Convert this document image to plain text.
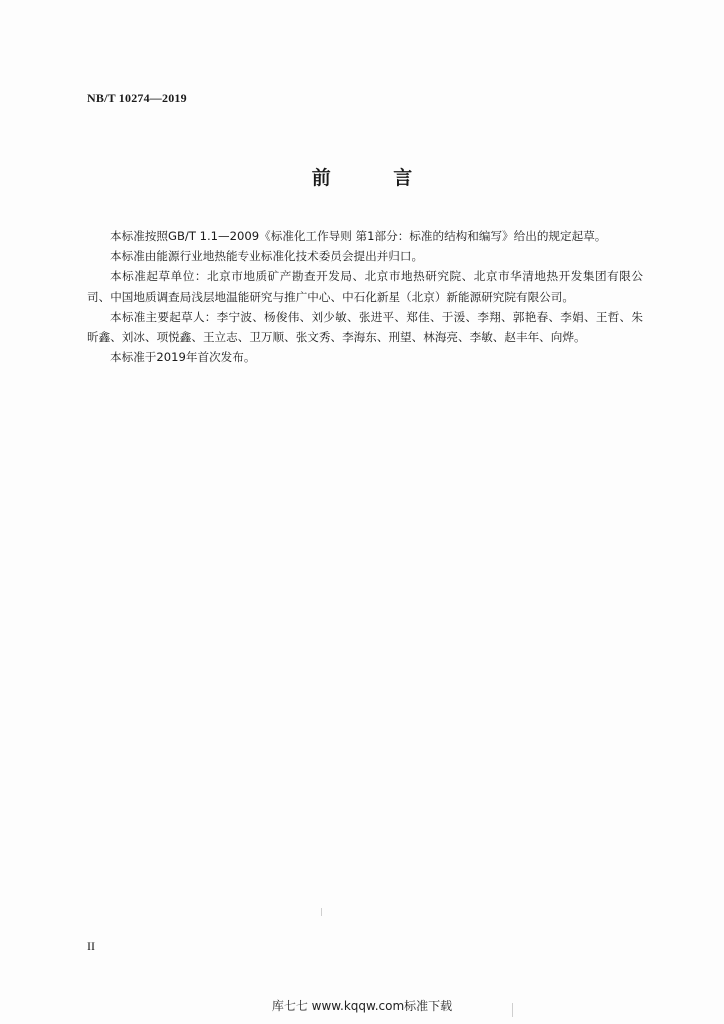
NB/T 10274—2019
前 言

本标准按照GB/T 1.1—2009《标准化工作导则 第1部分：标准的结构和编写》给出的规定起草。

本标准由能源行业地热能专业标准化技术委员会提出并归口。

本标准起草单位：北京市地质矿产勘查开发局、北京市地热研究院、北京市华清地热开发集团有限公司、中国地质调查局浅层地温能研究与推广中心、中石化新星（北京）新能源研究院有限公司。

本标准主要起草人：李宁波、杨俊伟、刘少敏、张进平、郑佳、于湲、李翔、郭艳春、李娟、王哲、朱昕鑫、刘冰、项悦鑫、王立志、卫万顺、张文秀、李海东、刑望、林海亮、李敏、赵丰年、向烨。

本标准于2019年首次发布。

II
库七七 www.kqqw.com标准下载
